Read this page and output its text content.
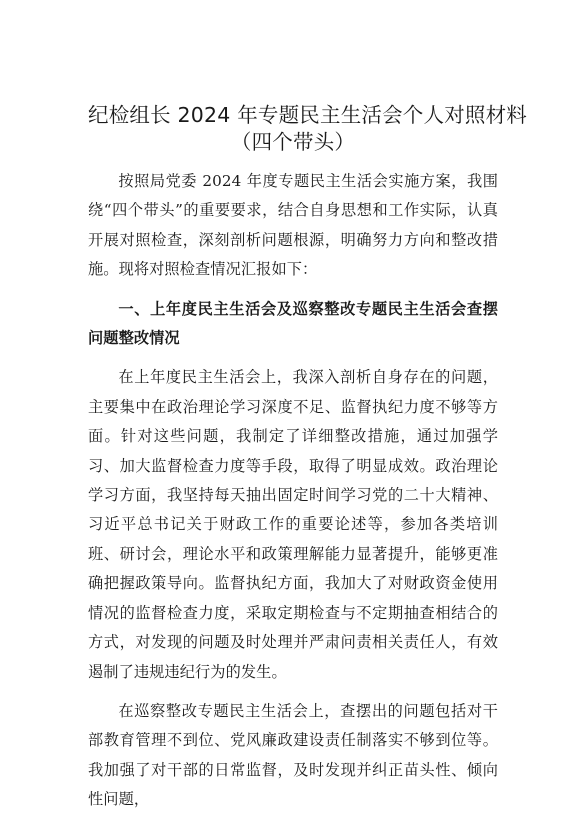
纪检组长 2024 年专题民主生活会个人对照材料
（四个带头）

按照局党委 2024 年度专题民主生活会实施方案，我围绕“四个带头”的重要要求，结合自身思想和工作实际，认真开展对照检查，深刻剖析问题根源，明确努力方向和整改措施。现将对照检查情况汇报如下：

一、上年度民主生活会及巡察整改专题民主生活会查摆问题整改情况

在上年度民主生活会上，我深入剖析自身存在的问题，主要集中在政治理论学习深度不足、监督执纪力度不够等方面。针对这些问题，我制定了详细整改措施，通过加强学习、加大监督检查力度等手段，取得了明显成效。政治理论学习方面，我坚持每天抽出固定时间学习党的二十大精神、习近平总书记关于财政工作的重要论述等，参加各类培训班、研讨会，理论水平和政策理解能力显著提升，能够更准确把握政策导向。监督执纪方面，我加大了对财政资金使用情况的监督检查力度，采取定期检查与不定期抽查相结合的方式，对发现的问题及时处理并严肃问责相关责任人，有效遏制了违规违纪行为的发生。

在巡察整改专题民主生活会上，查摆出的问题包括对干部教育管理不到位、党风廉政建设责任制落实不够到位等。我加强了对干部的日常监督，及时发现并纠正苗头性、倾向性问题，
